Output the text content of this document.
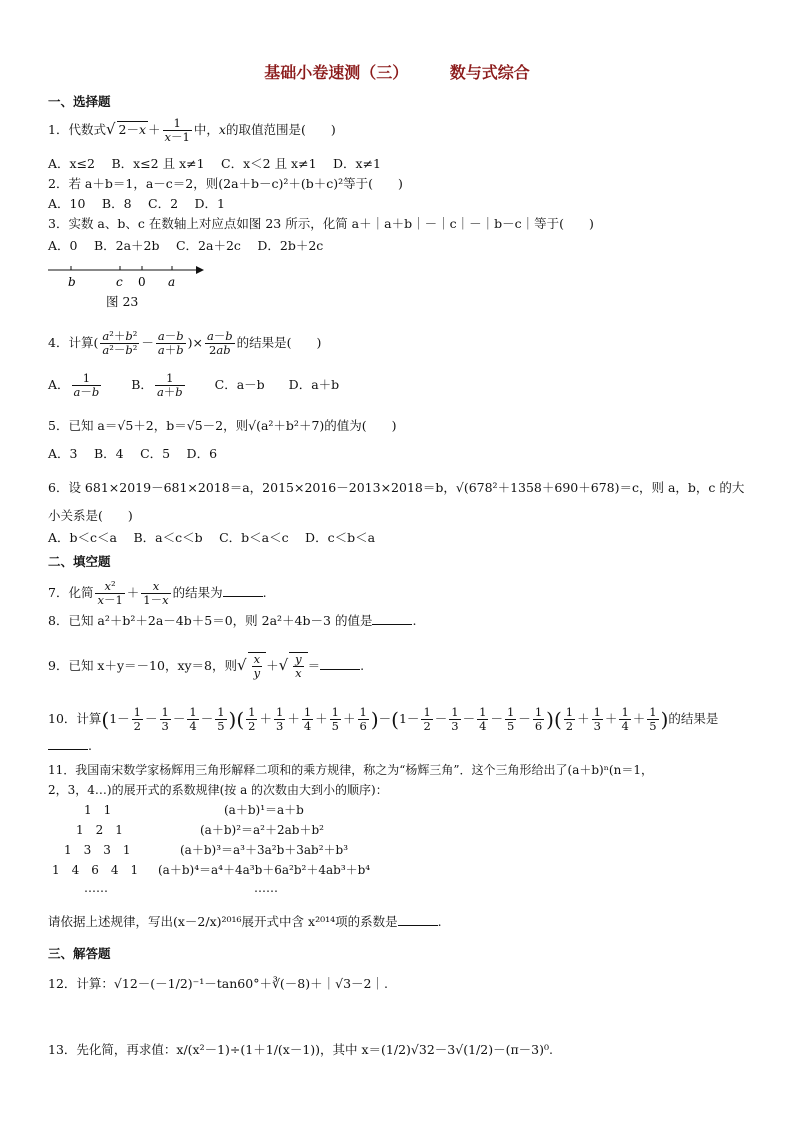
基础小卷速测（三）	数与式综合
一、选择题
1．代数式√ $2-x + \frac{1}{x-1}$ 中，x的取值范围是(　　)
A．x≤2　 B．x≤2 且 x≠1　 C．x＜2 且 x≠1　 D．x≠1
2．若 a＋b＝1，a－c＝2，则(2a＋b－c)²＋(b＋c)²等于(　　)
A．10　 B．8　 C．2　 D．1
3．实数 a、b、c 在数轴上对应点如图 23 所示，化简 a＋｜a＋b｜－｜c｜－｜b－c｜等于(　　)
A．0　 B．2a＋2b　 C．2a＋2c　 D．2b＋2c
b	c 0 a
图 23
4．计算( $\frac{\text{a²＋b²}}{\text{a²－b²}} - \frac{a-b}{a+b}$ )× $\frac{a-b}{2ab}$ 的结果是(　　)
A． $\frac{1}{a-b}$ B． $\frac{1}{a+b}$ C．a－b D．a＋b
5．已知 a＝√5＋2，b＝√5－2，则√(a²＋b²＋7)的值为(　　)
A．3　 B．4　 C．5　 D．6
6．设 681×2019－681×2018＝a，2015×2016－2013×2018＝b，√(678²＋1358＋690＋678)＝c，则 a，b，c 的大
小关系是(　　)
A．b＜c＜a　 B．a＜c＜b　 C．b＜a＜c　 D．c＜b＜a
二、填空题
7．化简 $\frac{\text{x²}}{x-1} + \frac{x}{1-x}$ 的结果为	.
8．已知 a²＋b²＋2a－4b＋5＝0，则 2a²＋4b－3 的值是	.
9．已知 x＋y＝－10，xy＝8，则√ $\frac{x}{y}$ ＋√ $\frac{y}{x}$ ＝	.
10．计算($1- \frac{1}{2} - \frac{1}{3} - \frac{1}{4} - \frac{1}{5}$ )( $\frac{1}{2} + \frac{1}{3} + \frac{1}{4} + \frac{1}{5} + \frac{1}{6} )-(1- \frac{1}{2} - \frac{1}{3} - \frac{1}{4} - \frac{1}{5} - \frac{1}{6}$ )( $\frac{1}{2} + \frac{1}{3} + \frac{1}{4} + \frac{1}{5}$ )的结果是
.
11．我国南宋数学家杨辉用三角形解释二项和的乘方规律，称之为“杨辉三角”．这个三角形给出了(a＋b)ⁿ(n＝1，
2，3，4…)的展开式的系数规律(按 a 的次数由大到小的顺序)：
1　1
1　2　1
1　3　3　1
1　4　6　4　1
……
(a＋b)¹＝a＋b
(a＋b)²＝a²＋2ab＋b²
(a＋b)³＝a³＋3a²b＋3ab²＋b³
(a＋b)⁴＝a⁴＋4a³b＋6a²b²＋4ab³＋b⁴
……
请依据上述规律，写出(x－2/x)²⁰¹⁶展开式中含 x²⁰¹⁴项的系数是	.
三、解答题
12．计算：√12－(－1/2)⁻¹－tan60°＋∛(－8)＋｜√3－2｜.
13．先化简，再求值：x/(x²－1)÷(1＋1/(x－1))，其中 x＝(1/2)√32－3√(1/2)－(π－3)⁰.
